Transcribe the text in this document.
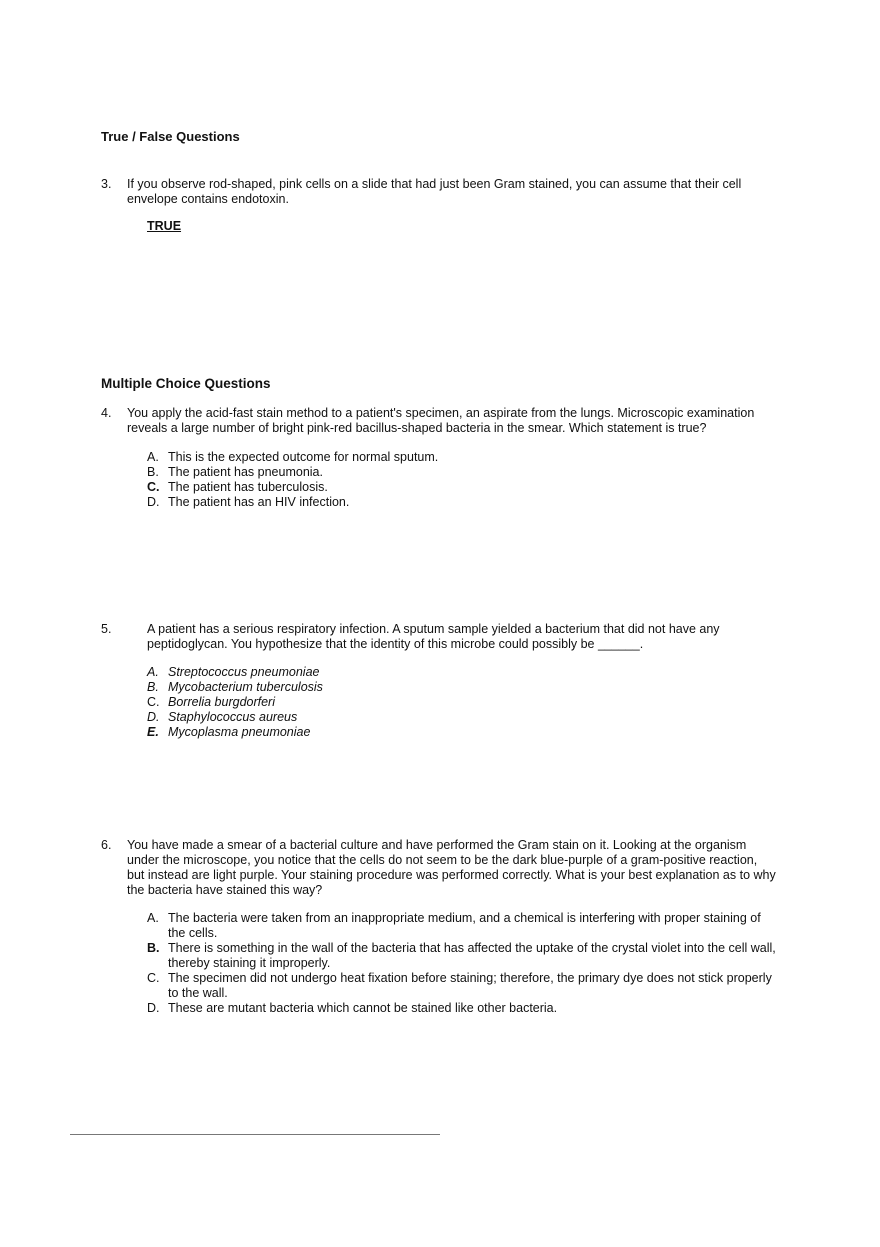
True / False Questions
3. If you observe rod-shaped, pink cells on a slide that had just been Gram stained, you can assume that their cell envelope contains endotoxin.
TRUE
Multiple Choice Questions
4. You apply the acid-fast stain method to a patient's specimen, an aspirate from the lungs. Microscopic examination reveals a large number of bright pink-red bacillus-shaped bacteria in the smear. Which statement is true?
A. This is the expected outcome for normal sputum.
B. The patient has pneumonia.
C. The patient has tuberculosis.
D. The patient has an HIV infection.
5.	A patient has a serious respiratory infection. A sputum sample yielded a bacterium that did not have any peptidoglycan. You hypothesize that the identity of this microbe could possibly be ______.
A. Streptococcus pneumoniae
B. Mycobacterium tuberculosis
C. Borrelia burgdorferi
D. Staphylococcus aureus
E. Mycoplasma pneumoniae
6. You have made a smear of a bacterial culture and have performed the Gram stain on it. Looking at the organism under the microscope, you notice that the cells do not seem to be the dark blue-purple of a gram-positive reaction, but instead are light purple. Your staining procedure was performed correctly. What is your best explanation as to why the bacteria have stained this way?
A. The bacteria were taken from an inappropriate medium, and a chemical is interfering with proper staining of the cells.
B. There is something in the wall of the bacteria that has affected the uptake of the crystal violet into the cell wall, thereby staining it improperly.
C. The specimen did not undergo heat fixation before staining; therefore, the primary dye does not stick properly to the wall.
D. These are mutant bacteria which cannot be stained like other bacteria.
